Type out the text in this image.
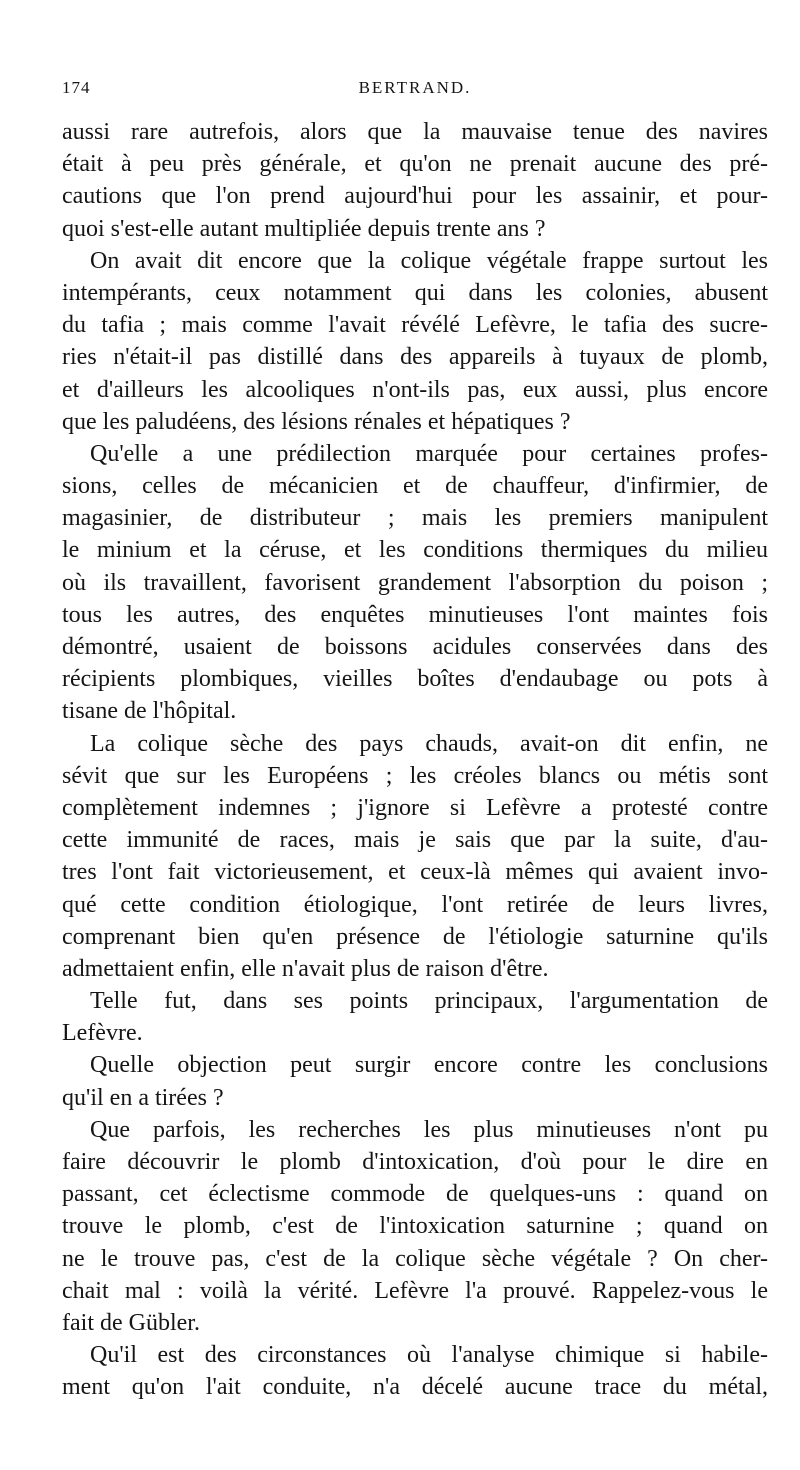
174	BERTRAND.
aussi rare autrefois, alors que la mauvaise tenue des navires
était à peu près générale, et qu'on ne prenait aucune des pré-
cautions que l'on prend aujourd'hui pour les assainir, et pour-
quoi s'est-elle autant multipliée depuis trente ans ?
On avait dit encore que la colique végétale frappe surtout les
intempérants, ceux notamment qui dans les colonies, abusent
du tafia ; mais comme l'avait révélé Lefèvre, le tafia des sucre-
ries n'était-il pas distillé dans des appareils à tuyaux de plomb,
et d'ailleurs les alcooliques n'ont-ils pas, eux aussi, plus encore
que les paludéens, des lésions rénales et hépatiques ?
Qu'elle a une prédilection marquée pour certaines profes-
sions, celles de mécanicien et de chauffeur, d'infirmier, de
magasinier, de distributeur ; mais les premiers manipulent
le minium et la céruse, et les conditions thermiques du milieu
où ils travaillent, favorisent grandement l'absorption du poison ;
tous les autres, des enquêtes minutieuses l'ont maintes fois
démontré, usaient de boissons acidules conservées dans des
récipients plombiques, vieilles boîtes d'endaubage ou pots à
tisane de l'hôpital.
La colique sèche des pays chauds, avait-on dit enfin, ne
sévit que sur les Européens ; les créoles blancs ou métis sont
complètement indemnes ; j'ignore si Lefèvre a protesté contre
cette immunité de races, mais je sais que par la suite, d'au-
tres l'ont fait victorieusement, et ceux-là mêmes qui avaient invo-
qué cette condition étiologique, l'ont retirée de leurs livres,
comprenant bien qu'en présence de l'étiologie saturnine qu'ils
admettaient enfin, elle n'avait plus de raison d'être.
Telle fut, dans ses points principaux, l'argumentation de
Lefèvre.
Quelle objection peut surgir encore contre les conclusions
qu'il en a tirées ?
Que parfois, les recherches les plus minutieuses n'ont pu
faire découvrir le plomb d'intoxication, d'où pour le dire en
passant, cet éclectisme commode de quelques-uns : quand on
trouve le plomb, c'est de l'intoxication saturnine ; quand on
ne le trouve pas, c'est de la colique sèche végétale ? On cher-
chait mal : voilà la vérité. Lefèvre l'a prouvé. Rappelez-vous le
fait de Gübler.
Qu'il est des circonstances où l'analyse chimique si habile-
ment qu'on l'ait conduite, n'a décelé aucune trace du métal,
